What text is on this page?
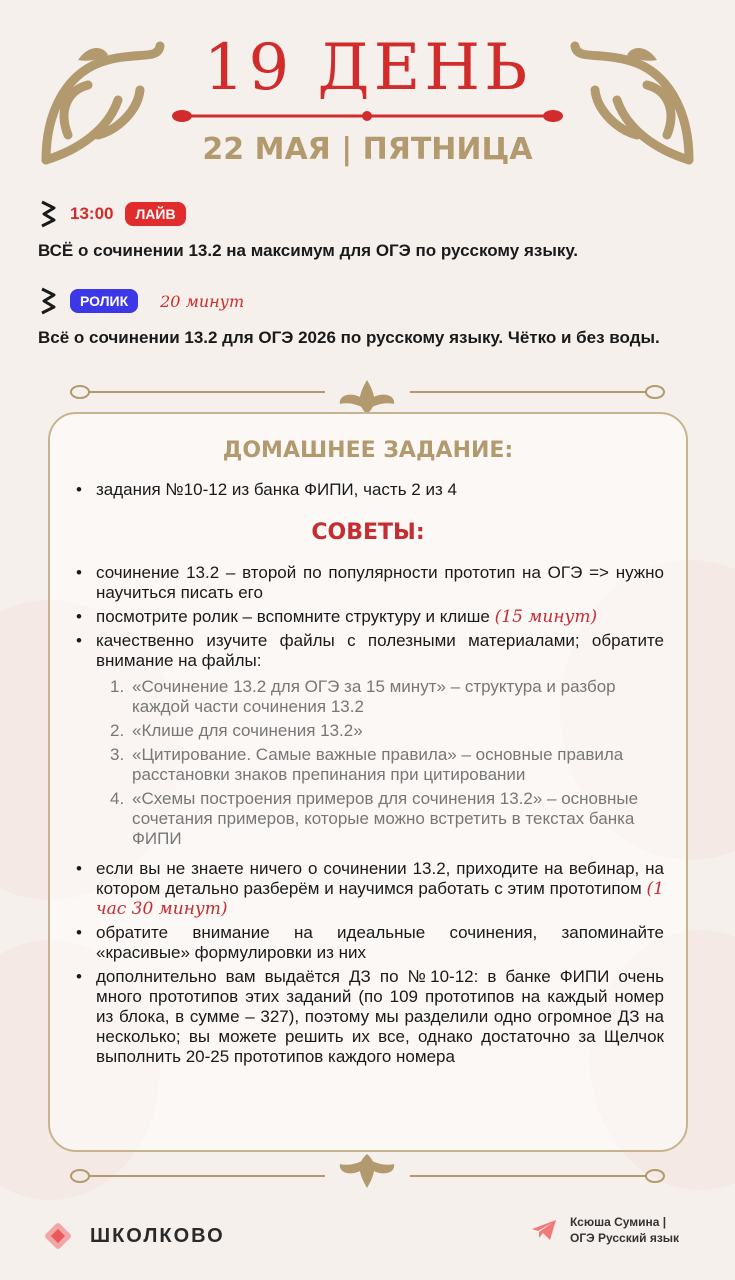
19 ДЕНЬ
22 МАЯ | ПЯТНИЦА
13:00	ЛАЙВ
ВСЁ о сочинении 13.2 на максимум для ОГЭ по русскому языку.
РОЛИК	20 минут
Всё о сочинении 13.2 для ОГЭ 2026 по русскому языку. Чётко и без воды.
ДОМАШНЕЕ ЗАДАНИЕ:
• задания №10-12 из банка ФИПИ, часть 2 из 4
СОВЕТЫ:
• сочинение 13.2 – второй по популярности прототип на ОГЭ => нужно научиться писать его
• посмотрите ролик – вспомните структуру и клише (15 минут)
• качественно изучите файлы с полезными материалами; обратите внимание на файлы:
1. «Сочинение 13.2 для ОГЭ за 15 минут» – структура и разбор каждой части сочинения 13.2
2. «Клише для сочинения 13.2»
3. «Цитирование. Самые важные правила» – основные правила расстановки знаков препинания при цитировании
4. «Схемы построения примеров для сочинения 13.2» – основные сочетания примеров, которые можно встретить в текстах банка ФИПИ
• если вы не знаете ничего о сочинении 13.2, приходите на вебинар, на котором детально разберём и научимся работать с этим прототипом (1 час 30 минут)
• обратите внимание на идеальные сочинения, запоминайте «красивые» формулировки из них
• дополнительно вам выдаётся ДЗ по №10-12: в банке ФИПИ очень много прототипов этих заданий (по 109 прототипов на каждый номер из блока, в сумме – 327), поэтому мы разделили одно огромное ДЗ на несколько; вы можете решить их все, однако достаточно за Щелчок выполнить 20-25 прототипов каждого номера
ШКОЛКОВО
Ксюша Сумина |
ОГЭ Русский язык
